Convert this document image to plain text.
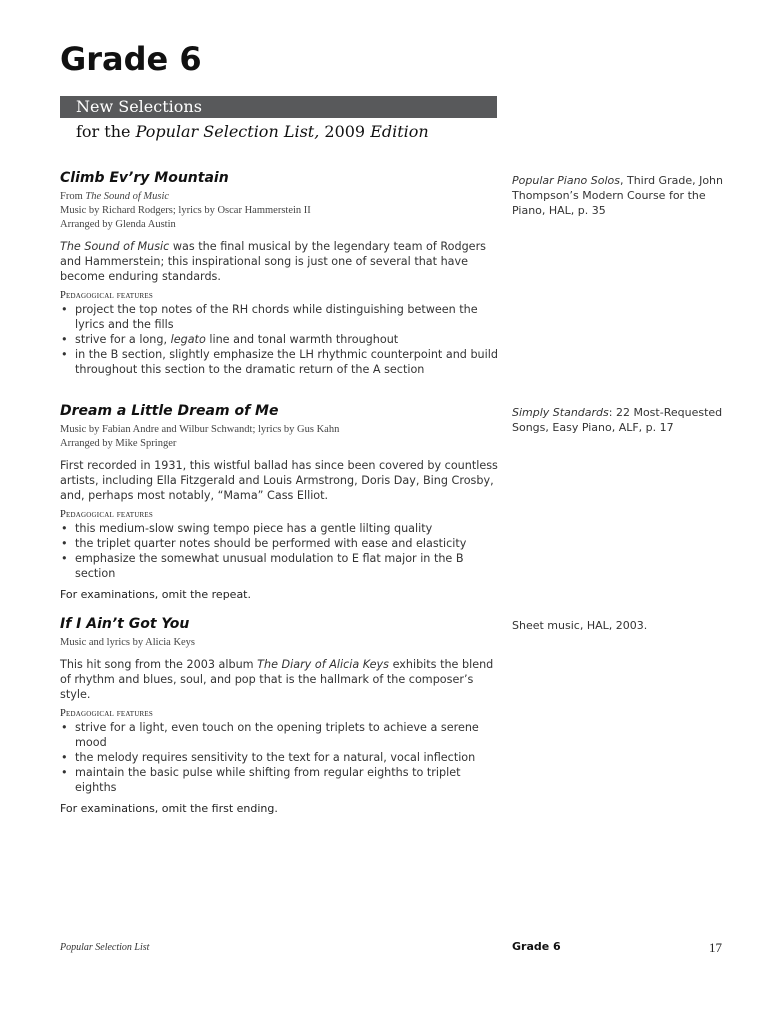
Grade 6
New Selections
for the Popular Selection List, 2009 Edition
Climb Ev’ry Mountain
From The Sound of Music
Music by Richard Rodgers; lyrics by Oscar Hammerstein II
Arranged by Glenda Austin
The Sound of Music was the final musical by the legendary team of Rodgers and Hammerstein; this inspirational song is just one of several that have become enduring standards.
Pedagogical features
• project the top notes of the RH chords while distinguishing between the lyrics and the fills
• strive for a long, legato line and tonal warmth throughout
• in the B section, slightly emphasize the LH rhythmic counterpoint and build throughout this section to the dramatic return of the A section
Popular Piano Solos, Third Grade, John Thompson’s Modern Course for the Piano, HAL, p. 35
Dream a Little Dream of Me
Music by Fabian Andre and Wilbur Schwandt; lyrics by Gus Kahn
Arranged by Mike Springer
First recorded in 1931, this wistful ballad has since been covered by countless artists, including Ella Fitzgerald and Louis Armstrong, Doris Day, Bing Crosby, and, perhaps most notably, “Mama” Cass Elliot.
Pedagogical features
• this medium-slow swing tempo piece has a gentle lilting quality
• the triplet quarter notes should be performed with ease and elasticity
• emphasize the somewhat unusual modulation to E flat major in the B section
For examinations, omit the repeat.
Simply Standards: 22 Most-Requested Songs, Easy Piano, ALF, p. 17
If I Ain’t Got You
Music and lyrics by Alicia Keys
This hit song from the 2003 album The Diary of Alicia Keys exhibits the blend of rhythm and blues, soul, and pop that is the hallmark of the composer’s style.
Pedagogical features
• strive for a light, even touch on the opening triplets to achieve a serene mood
• the melody requires sensitivity to the text for a natural, vocal inflection
• maintain the basic pulse while shifting from regular eighths to triplet eighths
For examinations, omit the first ending.
Sheet music, HAL, 2003.
Popular Selection List	Grade 6	17
